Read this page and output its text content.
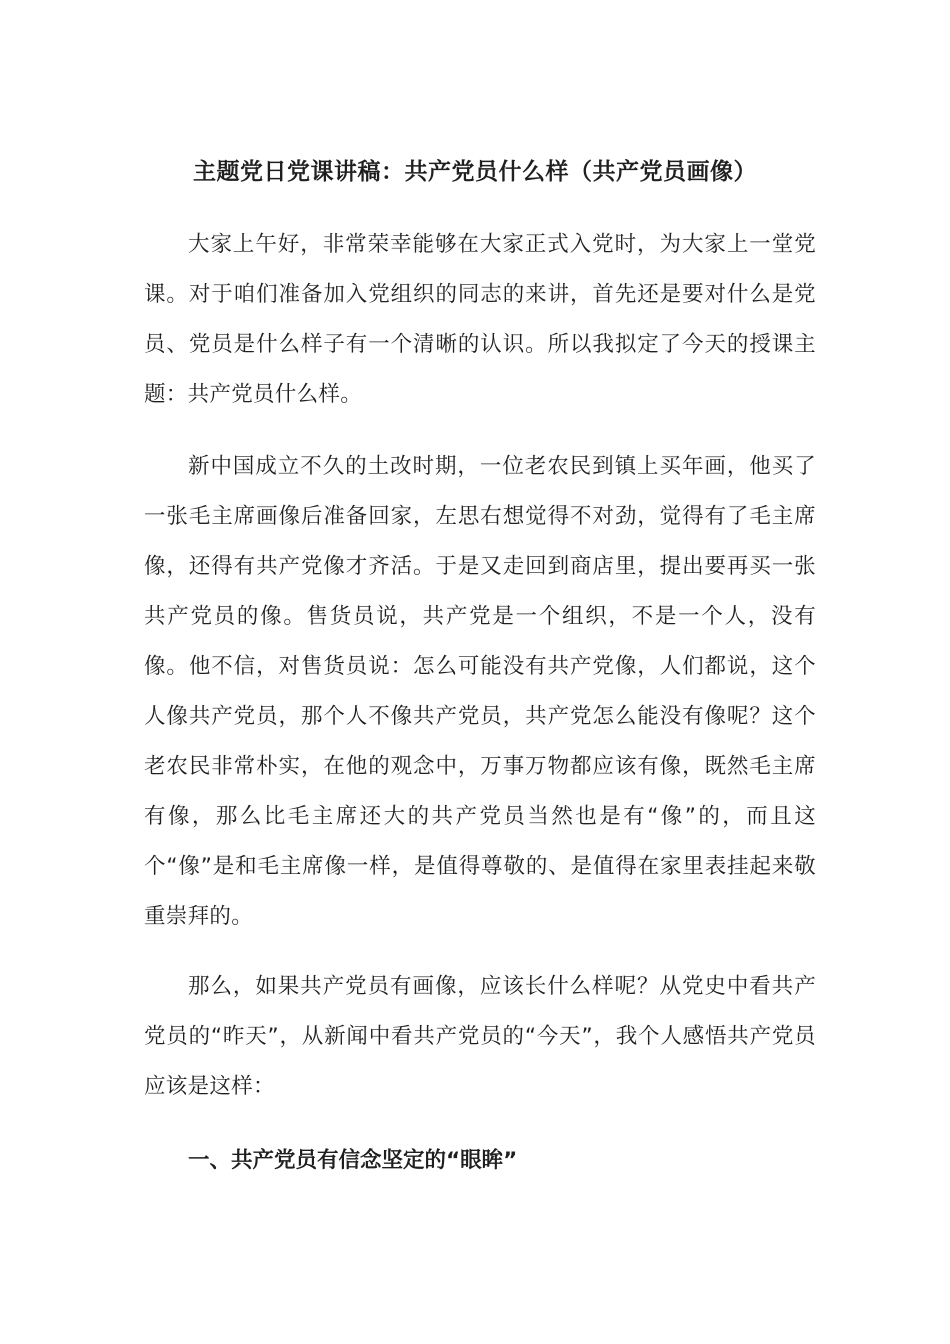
主题党日党课讲稿：共产党员什么样（共产党员画像）

大家上午好，非常荣幸能够在大家正式入党时，为大家上一堂党课。对于咱们准备加入党组织的同志的来讲，首先还是要对什么是党员、党员是什么样子有一个清晰的认识。所以我拟定了今天的授课主题：共产党员什么样。

新中国成立不久的土改时期，一位老农民到镇上买年画，他买了一张毛主席画像后准备回家，左思右想觉得不对劲，觉得有了毛主席像，还得有共产党像才齐活。于是又走回到商店里，提出要再买一张共产党员的像。售货员说，共产党是一个组织，不是一个人，没有像。他不信，对售货员说：怎么可能没有共产党像，人们都说，这个人像共产党员，那个人不像共产党员，共产党怎么能没有像呢？这个老农民非常朴实，在他的观念中，万事万物都应该有像，既然毛主席有像，那么比毛主席还大的共产党员当然也是有“像”的，而且这个“像”是和毛主席像一样，是值得尊敬的、是值得在家里表挂起来敬重崇拜的。

那么，如果共产党员有画像，应该长什么样呢？从党史中看共产党员的“昨天”，从新闻中看共产党员的“今天”，我个人感悟共产党员应该是这样：

一、共产党员有信念坚定的“眼眸”
